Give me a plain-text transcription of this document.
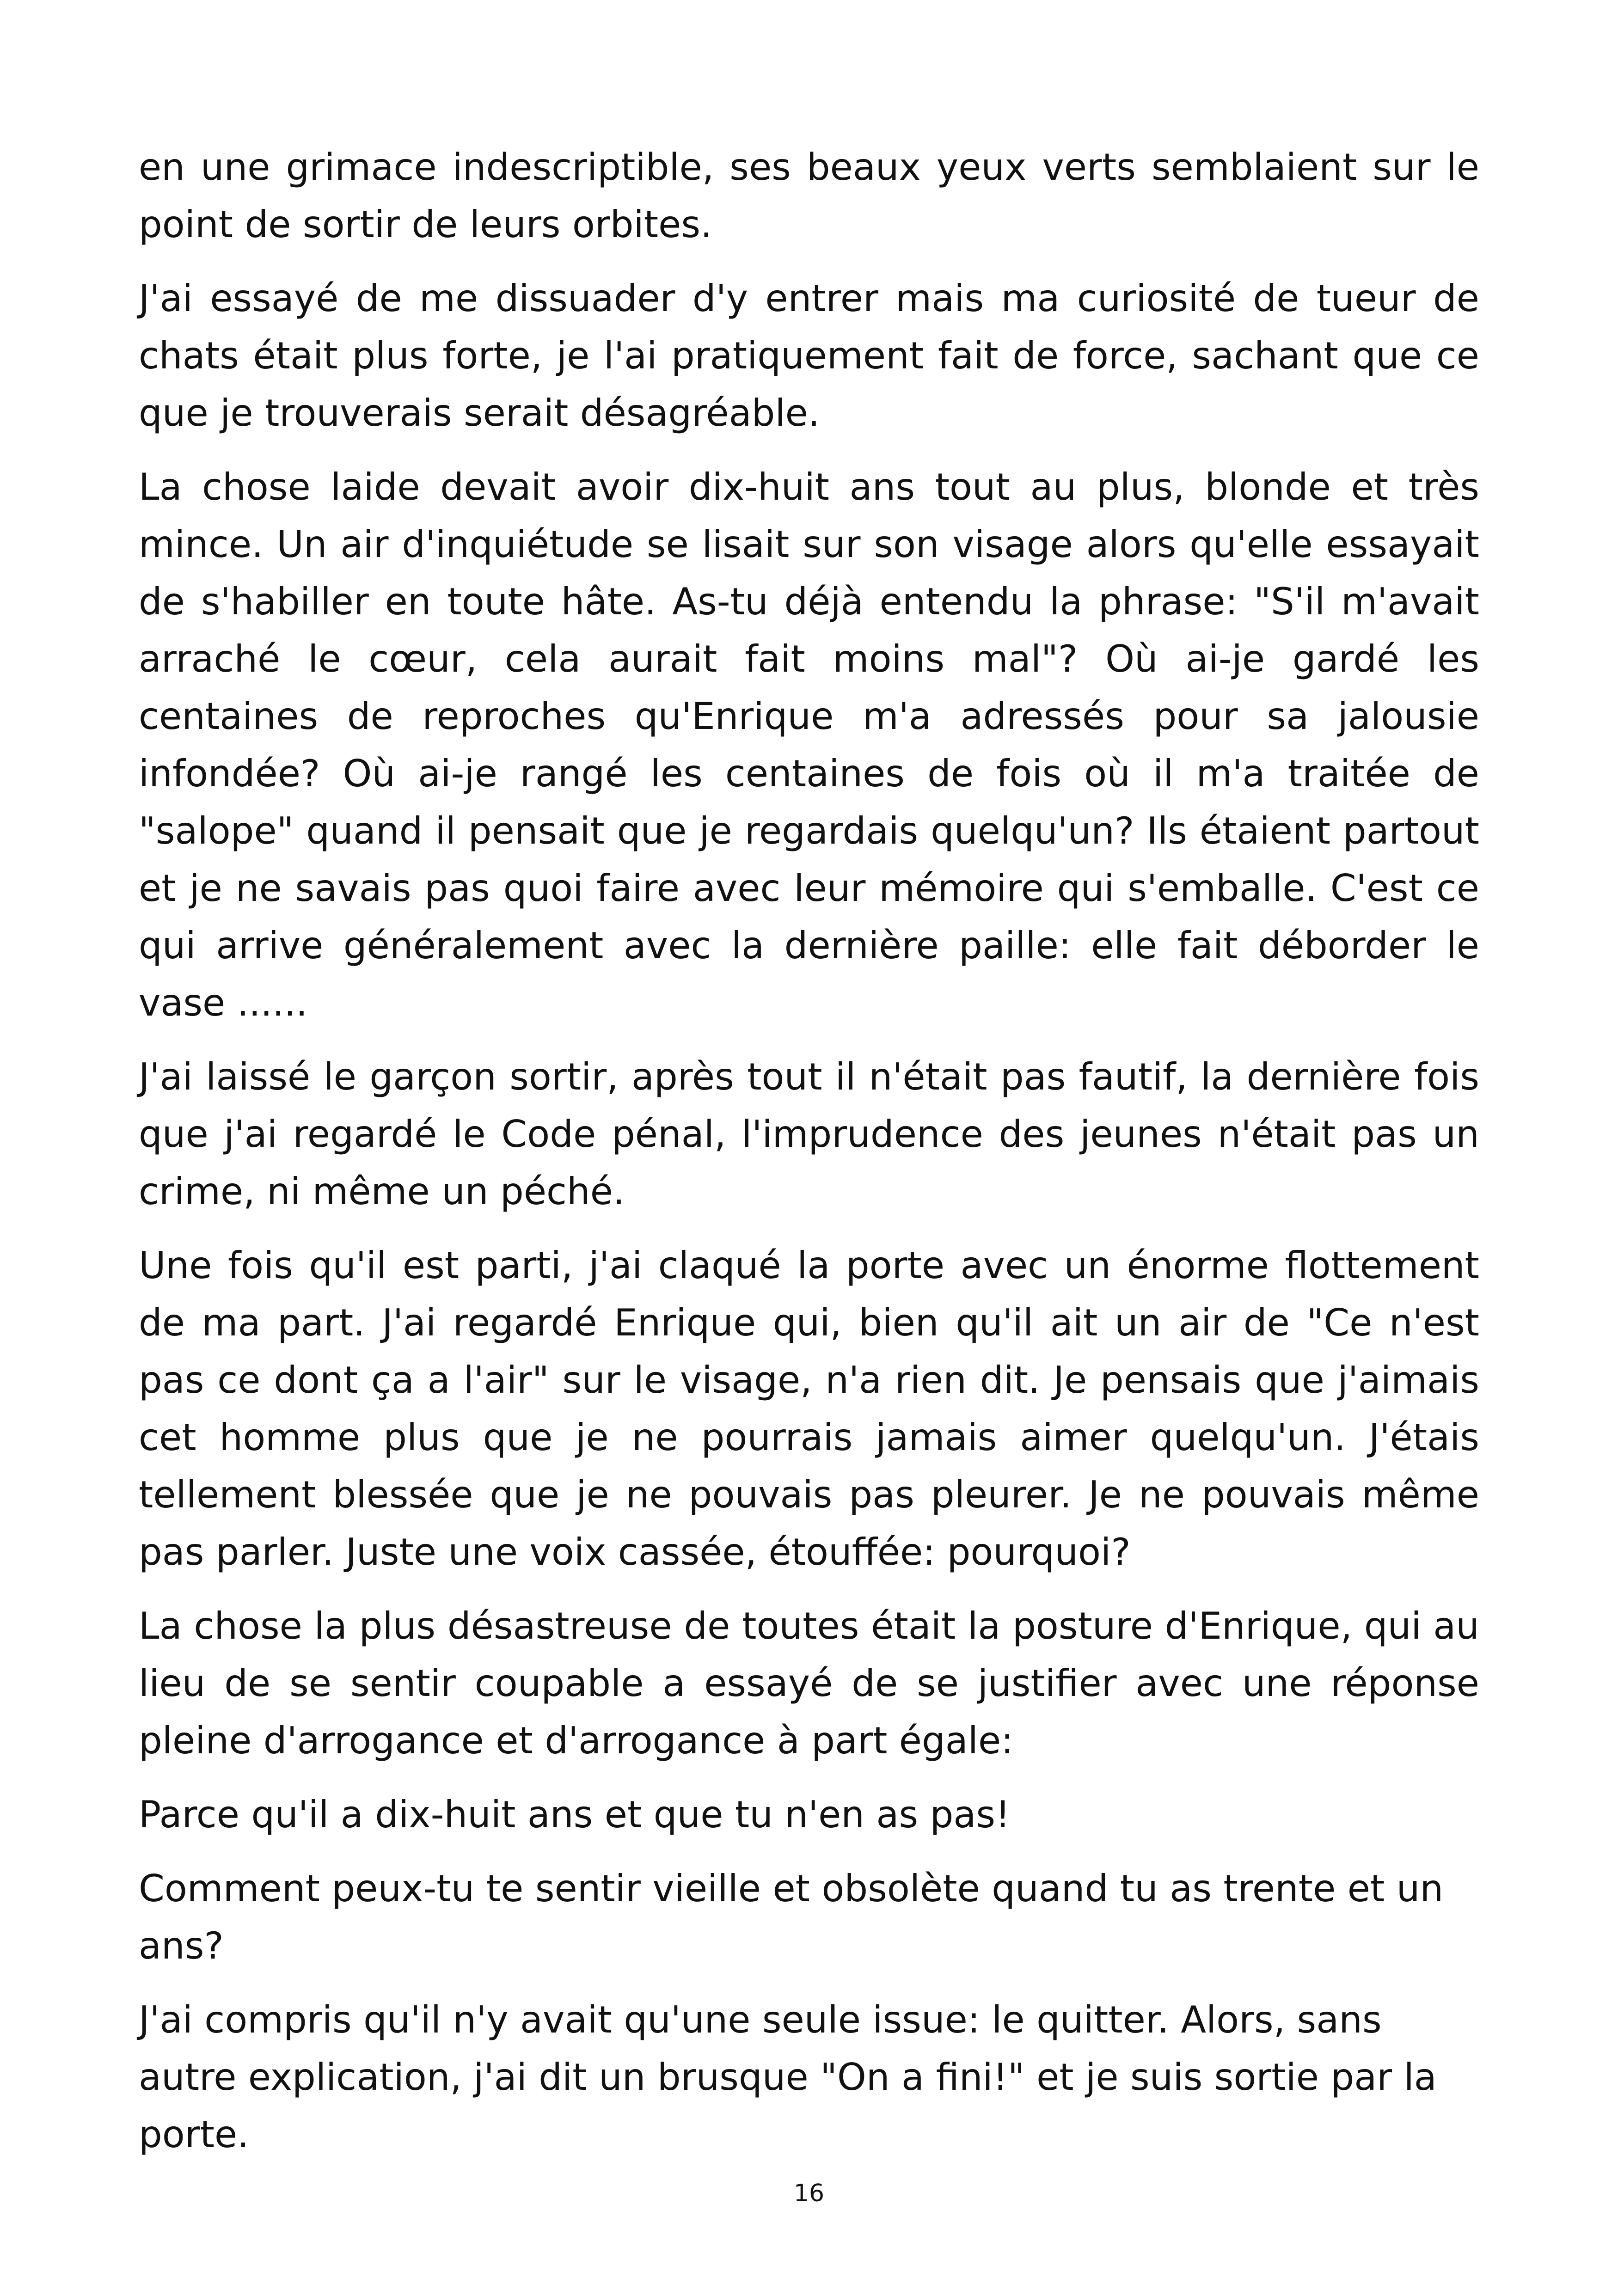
en une grimace indescriptible, ses beaux yeux verts semblaient sur le point de sortir de leurs orbites.

J'ai essayé de me dissuader d'y entrer mais ma curiosité de tueur de chats était plus forte, je l'ai pratiquement fait de force, sachant que ce que je trouverais serait désagréable.

La chose laide devait avoir dix-huit ans tout au plus, blonde et très mince. Un air d'inquiétude se lisait sur son visage alors qu'elle essayait de s'habiller en toute hâte. As-tu déjà entendu la phrase: "S'il m'avait arraché le cœur, cela aurait fait moins mal"? Où ai-je gardé les centaines de reproches qu'Enrique m'a adressés pour sa jalousie infondée? Où ai-je rangé les centaines de fois où il m'a traitée de "salope" quand il pensait que je regardais quelqu'un? Ils étaient partout et je ne savais pas quoi faire avec leur mémoire qui s'emballe. C'est ce qui arrive généralement avec la dernière paille: elle fait déborder le vase ......

J'ai laissé le garçon sortir, après tout il n'était pas fautif, la dernière fois que j'ai regardé le Code pénal, l'imprudence des jeunes n'était pas un crime, ni même un péché.

Une fois qu'il est parti, j'ai claqué la porte avec un énorme flottement de ma part. J'ai regardé Enrique qui, bien qu'il ait un air de "Ce n'est pas ce dont ça a l'air" sur le visage, n'a rien dit. Je pensais que j'aimais cet homme plus que je ne pourrais jamais aimer quelqu'un. J'étais tellement blessée que je ne pouvais pas pleurer. Je ne pouvais même pas parler. Juste une voix cassée, étouffée: pourquoi?

La chose la plus désastreuse de toutes était la posture d'Enrique, qui au lieu de se sentir coupable a essayé de se justifier avec une réponse pleine d'arrogance et d'arrogance à part égale:

Parce qu'il a dix-huit ans et que tu n'en as pas!

Comment peux-tu te sentir vieille et obsolète quand tu as trente et un ans?

J'ai compris qu'il n'y avait qu'une seule issue: le quitter. Alors, sans autre explication, j'ai dit un brusque "On a fini!" et je suis sortie par la porte.

16
